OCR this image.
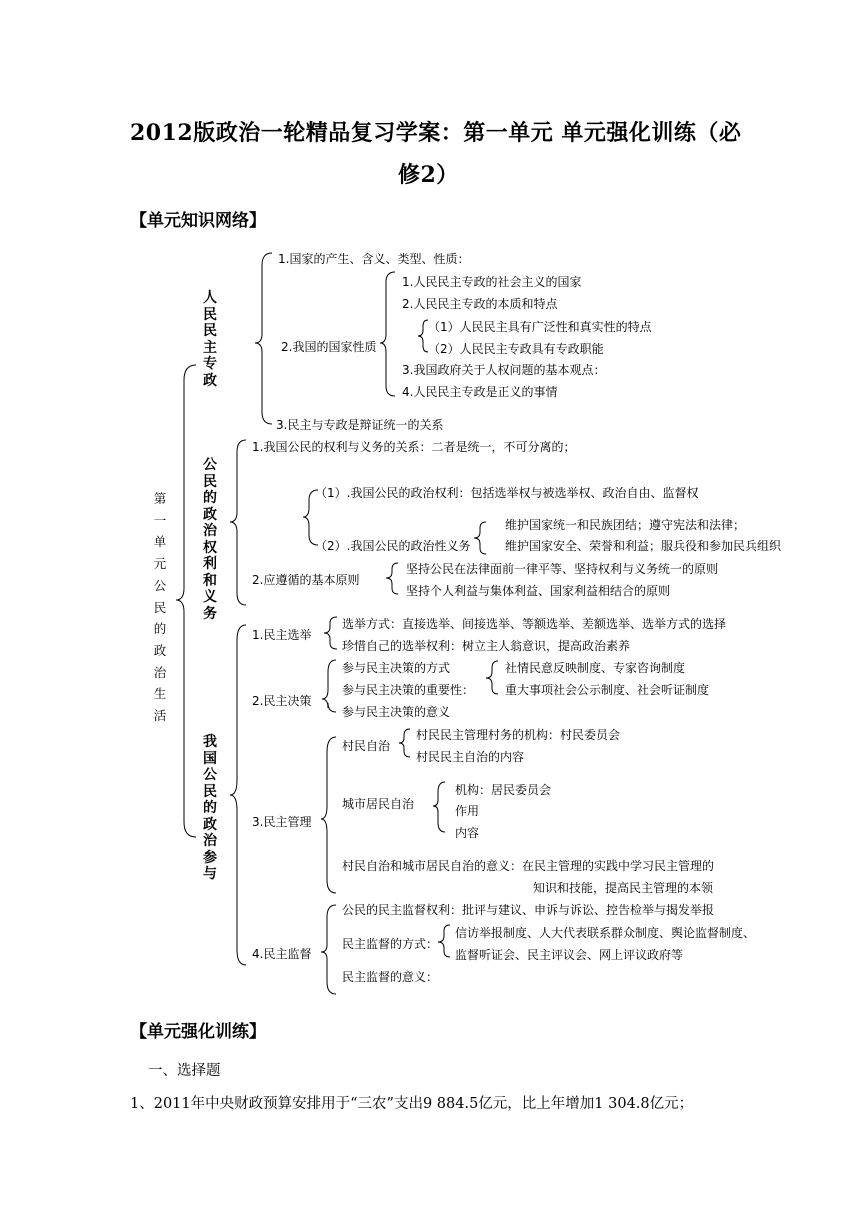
2012版政治一轮精品复习学案：第一单元 单元强化训练（必
修2）
【单元知识网络】
第一单元公民的政治生活
人民民主专政
1.国家的产生、含义、类型、性质：
2.我国的国家性质
1.人民民主专政的社会主义的国家
2.人民民主专政的本质和特点
（1）人民民主具有广泛性和真实性的特点
（2）人民民主专政具有专政职能
3.我国政府关于人权问题的基本观点：
4.人民民主专政是正义的事情
3.民主与专政是辩证统一的关系
公民的政治权利和义务
1.我国公民的权利与义务的关系：二者是统一，不可分离的；
（1）.我国公民的政治权利：包括选举权与被选举权、政治自由、监督权
（2）.我国公民的政治性义务
维护国家统一和民族团结；遵守宪法和法律；
维护国家安全、荣誉和利益；服兵役和参加民兵组织
2.应遵循的基本原则
坚持公民在法律面前一律平等、坚持权利与义务统一的原则
坚持个人利益与集体利益、国家利益相结合的原则
我国公民的政治参与
1.民主选举
选举方式：直接选举、间接选举、等额选举、差额选举、选举方式的选择
珍惜自己的选举权利：树立主人翁意识，提高政治素养
2.民主决策
参与民主决策的方式
参与民主决策的重要性：
参与民主决策的意义
社情民意反映制度、专家咨询制度
重大事项社会公示制度、社会听证制度
3.民主管理
村民自治
村民民主管理村务的机构：村民委员会
村民民主自治的内容
城市居民自治
机构：居民委员会
作用
内容
村民自治和城市居民自治的意义：在民主管理的实践中学习民主管理的
知识和技能，提高民主管理的本领
4.民主监督
公民的民主监督权利：批评与建议、申诉与诉讼、控告检举与揭发举报
民主监督的方式：
信访举报制度、人大代表联系群众制度、舆论监督制度、
监督听证会、民主评议会、网上评议政府等
民主监督的意义：
【单元强化训练】
一、选择题
1、2011年中央财政预算安排用于“三农”支出9 884.5亿元，比上年增加1 304.8亿元；
